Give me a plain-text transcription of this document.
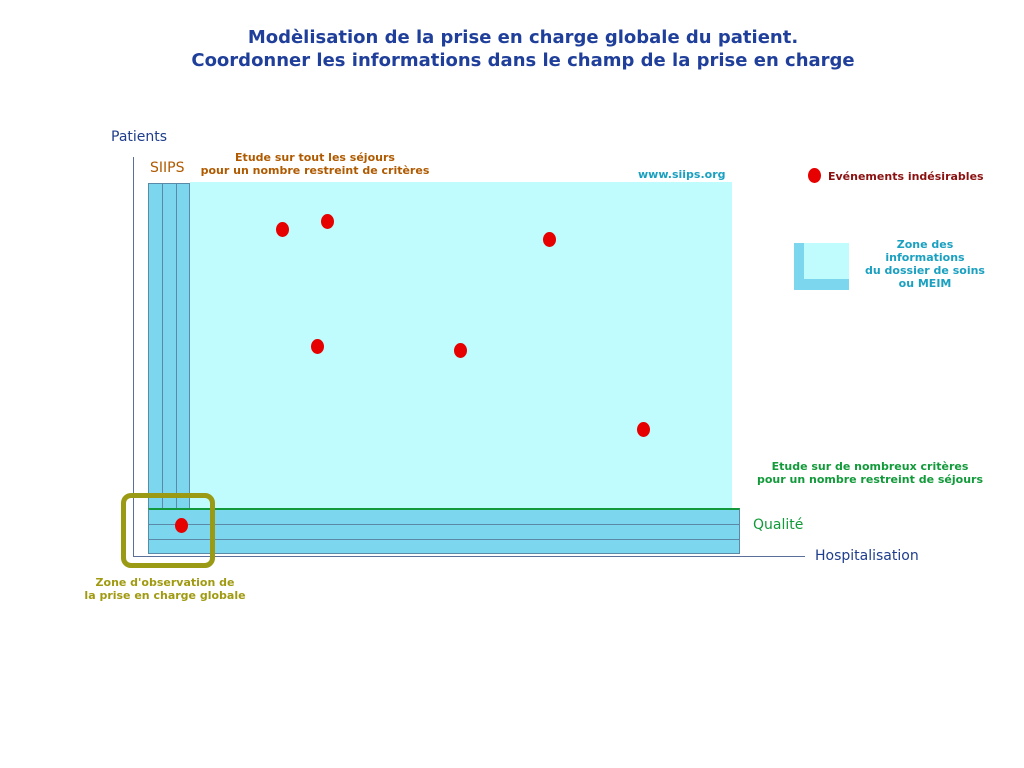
Modèlisation de la prise en charge globale du patient.
Coordonner les informations dans le champ de la prise en charge
Patients
Hospitalisation
SIIPS
Qualité
Etude sur tout les séjours
pour un nombre restreint de critères	www.siips.org
Etude sur de nombreux critères
pour un nombre restreint de séjours
Zone d'observation de
la prise en charge globale
Evénements indésirables
Zone des
informations
du dossier de soins
ou MEIM
